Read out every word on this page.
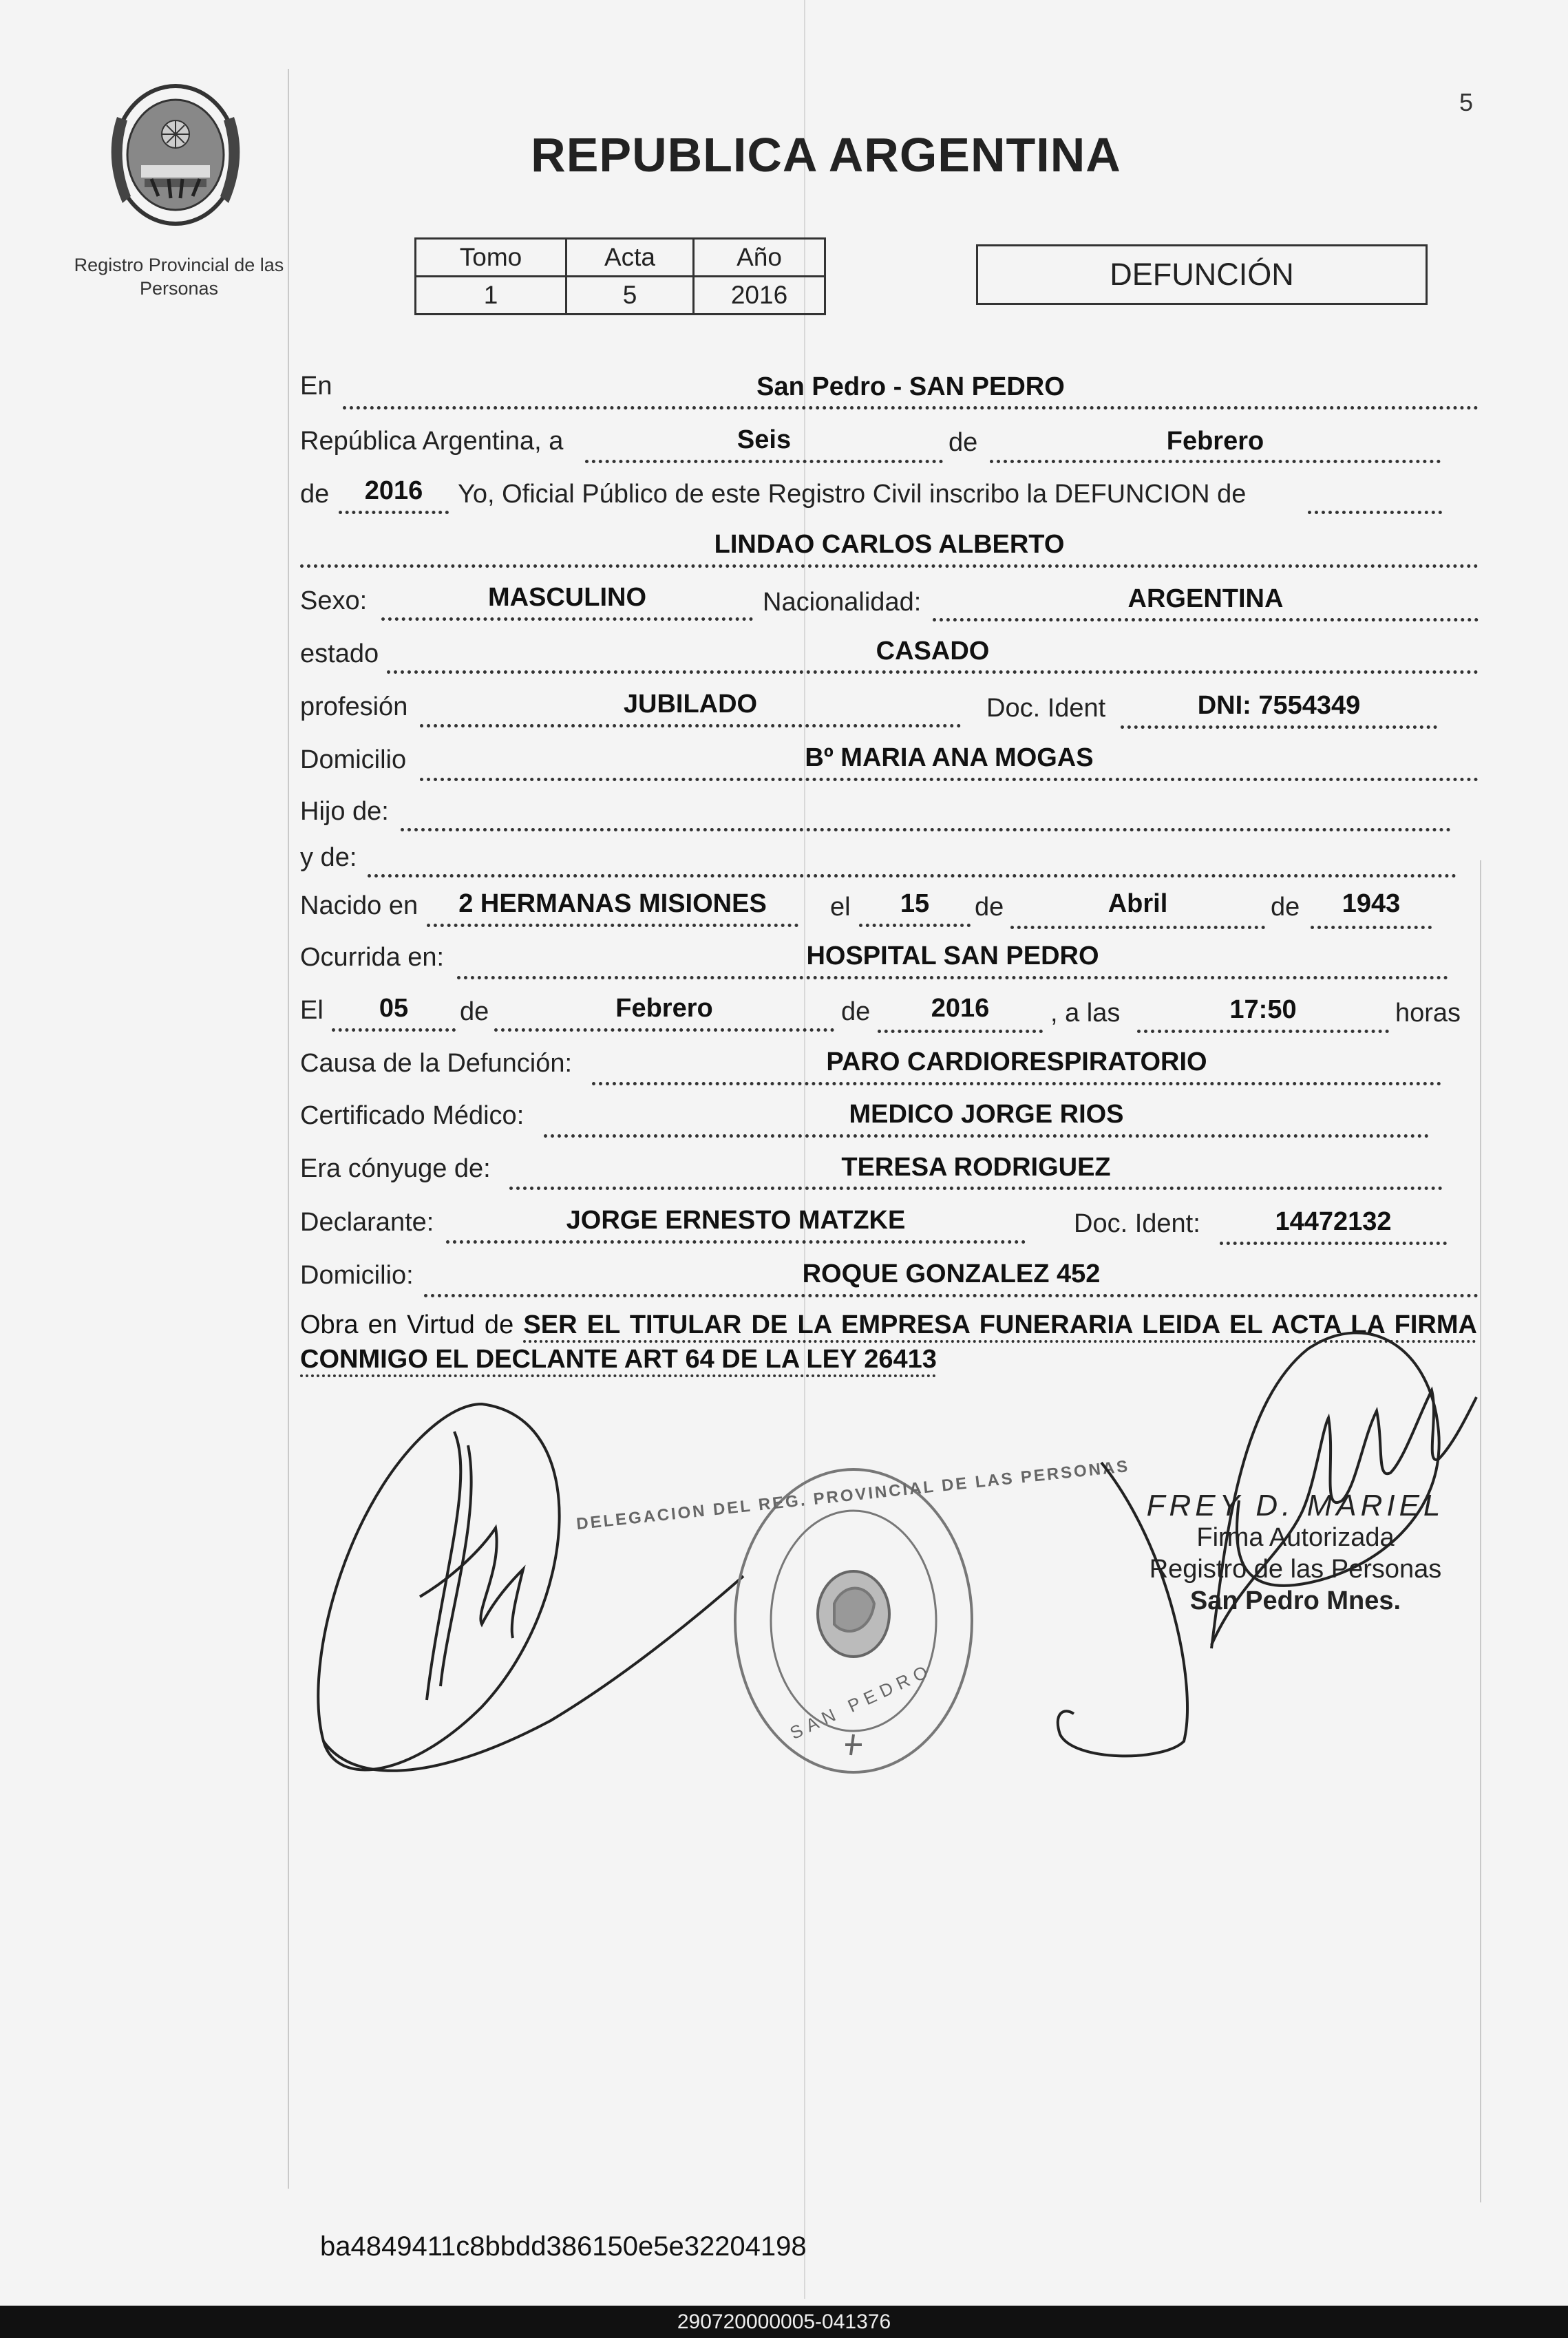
5
Registro Provincial de las Personas
REPUBLICA ARGENTINA
Tomo	Acta	Año
1	5	2016
DEFUNCIÓN
En	San Pedro - SAN PEDRO
República Argentina, a	Seis	de	Febrero
de	2016	Yo, Oficial Público de este Registro Civil inscribo la DEFUNCION de
LINDAO CARLOS ALBERTO
Sexo:	MASCULINO	Nacionalidad:	ARGENTINA
estado	CASADO
profesión	JUBILADO	Doc. Ident	DNI: 7554349
Domicilio	Bº MARIA ANA MOGAS
Hijo de:
y de:
Nacido en	2 HERMANAS MISIONES	el	15	de	Abril	de	1943
Ocurrida en:	HOSPITAL SAN PEDRO
El	05	de	Febrero	de	2016	, a las	17:50	horas
Causa de la Defunción:	PARO CARDIORESPIRATORIO
Certificado Médico:	MEDICO JORGE RIOS
Era cónyuge de:	TERESA RODRIGUEZ
Declarante:	JORGE ERNESTO MATZKE	Doc. Ident:	14472132
Domicilio:	ROQUE GONZALEZ 452
Obra en Virtud de SER EL TITULAR DE LA EMPRESA FUNERARIA LEIDA EL ACTA LA FIRMA CONMIGO EL DECLANTE ART 64 DE LA LEY 26413
DELEGACION DEL REG. PROVINCIAL DE LAS PERSONAS
SAN PEDRO
FREY D. MARIEL
Firma Autorizada
Registro de las Personas
San Pedro Mnes.
ba4849411c8bbdd386150e5e32204198
290720000005-041376
